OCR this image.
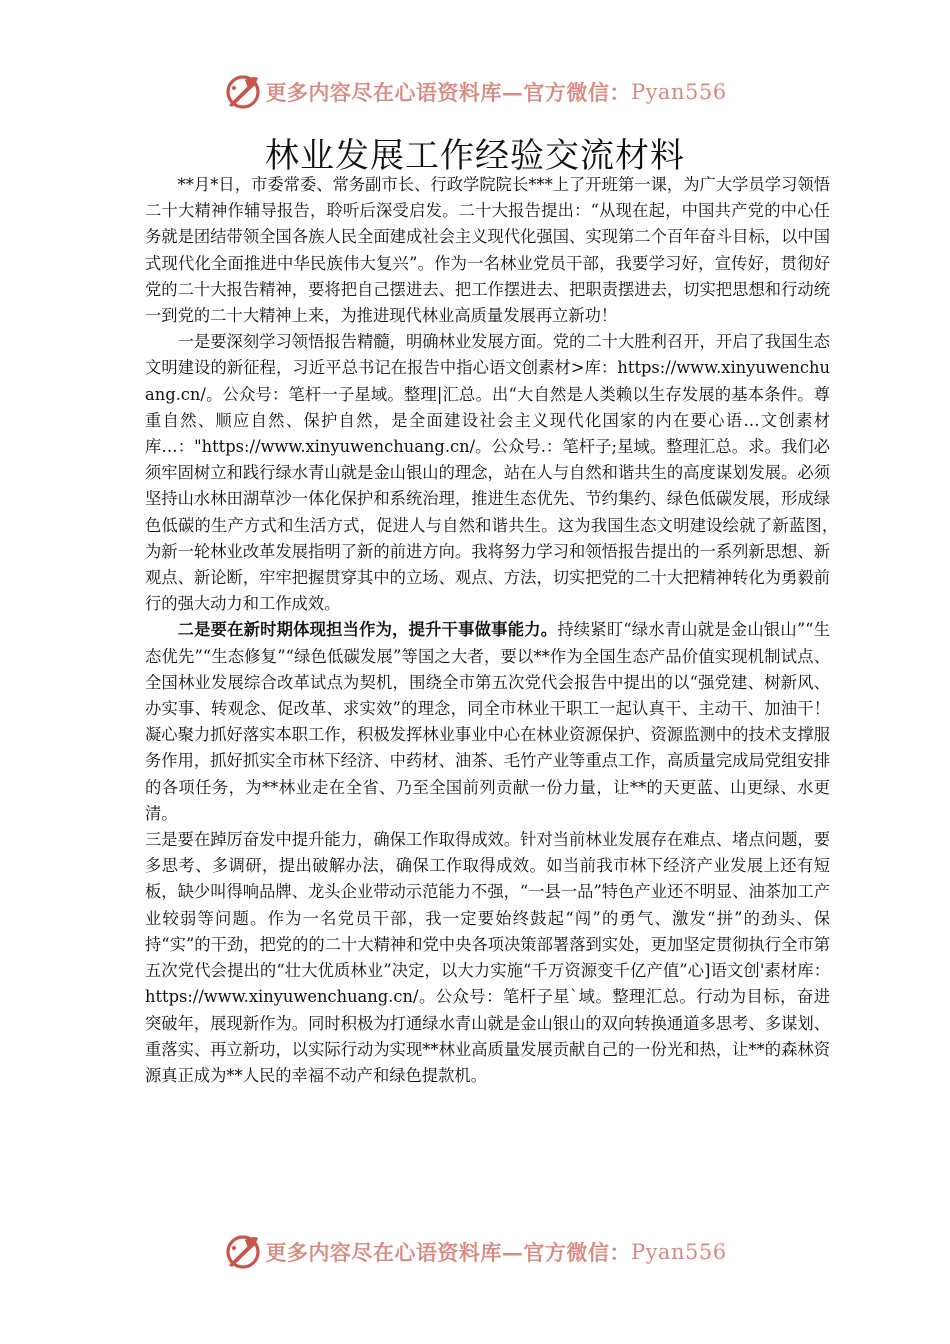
更多内容尽在心语资料库—官方微信： Pyan556
林业发展工作经验交流材料

**月*日，市委常委、常务副市长、行政学院院长***上了开班第一课，为广大学员学习领悟二十大精神作辅导报告，聆听后深受启发。二十大报告提出：“从现在起，中国共产党的中心任务就是团结带领全国各族人民全面建成社会主义现代化强国、实现第二个百年奋斗目标，以中国式现代化全面推进中华民族伟大复兴”。作为一名林业党员干部，我要学习好，宣传好，贯彻好党的二十大报告精神，要将把自己摆进去、把工作摆进去、把职责摆进去，切实把思想和行动统一到党的二十大精神上来，为推进现代林业高质量发展再立新功！

一是要深刻学习领悟报告精髓，明确林业发展方面。党的二十大胜利召开，开启了我国生态文明建设的新征程，习近平总书记在报告中指心语文创素材>库：https://www.xinyuwenchuang.cn/。公众号：笔杆一子星域。整理|汇总。出“大自然是人类赖以生存发展的基本条件。尊重自然、顺应自然、保护自然，是全面建设社会主义现代化国家的内在要心语…文创素材库…："https://www.xinyuwenchuang.cn/。公众号.：笔杆子;星域。整理汇总。求。我们必须牢固树立和践行绿水青山就是金山银山的理念，站在人与自然和谐共生的高度谋划发展。必须坚持山水林田湖草沙一体化保护和系统治理，推进生态优先、节约集约、绿色低碳发展，形成绿色低碳的生产方式和生活方式，促进人与自然和谐共生。这为我国生态文明建设绘就了新蓝图，　为新一轮林业改革发展指明了新的前进方向。我将努力学习和领悟报告提出的一系列新思想、新观点、新论断，牢牢把握贯穿其中的立场、观点、方法，切实把党的二十大把精神转化为勇毅前行的强大动力和工作成效。

二是要在新时期体现担当作为，提升干事做事能力。持续紧盯“绿水青山就是金山银山”“生态优先”“生态修复”“绿色低碳发展”等国之大者，要以**作为全国生态产品价值实现机制试点、全国林业发展综合改革试点为契机，围绕全市第五次党代会报告中提出的以“强党建、树新风、办实事、转观念、促改革、求实效”的理念，同全市林业干职工一起认真干、主动干、加油干！凝心聚力抓好落实本职工作，积极发挥林业事业中心在林业资源保护、资源监测中的技术支撑服务作用，抓好抓实全市林下经济、中药材、油茶、毛竹产业等重点工作，高质量完成局党组安排的各项任务，为**林业走在全省、乃至全国前列贡献一份力量，让**的天更蓝、山更绿、水更清。

三是要在踔厉奋发中提升能力，确保工作取得成效。针对当前林业发展存在难点、堵点问题，要多思考、多调研，提出破解办法，确保工作取得成效。如当前我市林下经济产业发展上还有短板，缺少叫得响品牌、龙头企业带动示范能力不强，“一县一品”特色产业还不明显、油茶加工产业较弱等问题。作为一名党员干部，我一定要始终鼓起“闯”的勇气、激发“拼”的劲头、保持“实”的干劲，把党的的二十大精神和党中央各项决策部署落到实处，更加坚定贯彻执行全市第五次党代会提出的“壮大优质林业”决定，以大力实施“千万资源变千亿产值”心]语文创'素材库：https://www.xinyuwenchuang.cn/。公众号：笔杆子星`域。整理汇总。行动为目标，奋进突破年，展现新作为。同时积极为打通绿水青山就是金山银山的双向转换通道多思考、多谋划、重落实、再立新功，以实际行动为实现**林业高质量发展贡献自己的一份光和热，让**的森林资源真正成为**人民的幸福不动产和绿色提款机。

更多内容尽在心语资料库—官方微信： Pyan556
